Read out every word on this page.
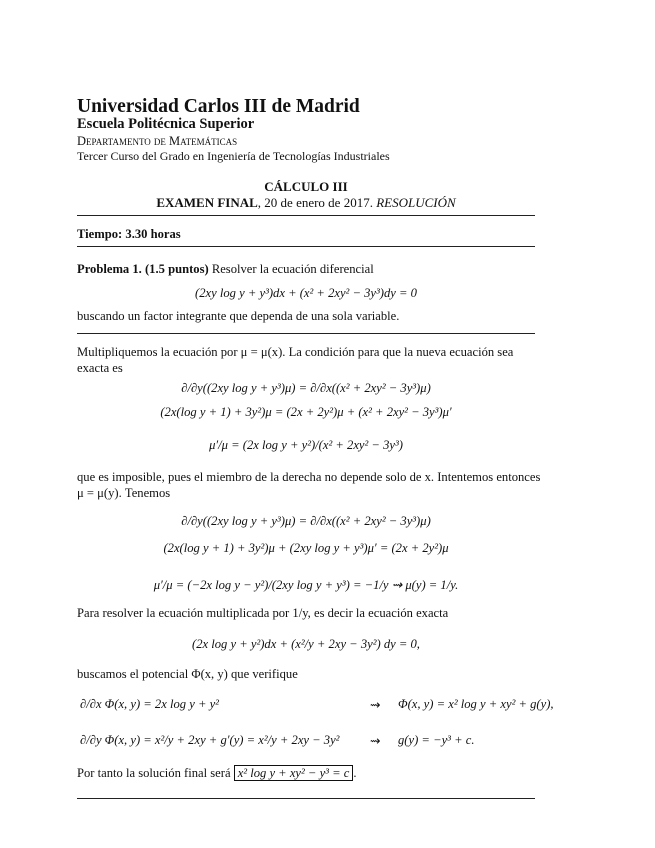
Universidad Carlos III de Madrid
Escuela Politécnica Superior
Departamento de Matemáticas
Tercer Curso del Grado en Ingeniería de Tecnologías Industriales
CÁLCULO III
EXAMEN FINAL, 20 de enero de 2017. RESOLUCIÓN
Tiempo: 3.30 horas
Problema 1. (1.5 puntos) Resolver la ecuación diferencial
(2xy log y + y³)dx + (x² + 2xy² − 3y³)dy = 0
buscando un factor integrante que dependa de una sola variable.
Multipliquemos la ecuación por μ = μ(x). La condición para que la nueva ecuación sea
exacta es
∂/∂y((2xy log y + y³)μ) = ∂/∂x((x² + 2xy² − 3y³)μ)
(2x(log y + 1) + 3y²)μ = (2x + 2y²)μ + (x² + 2xy² − 3y³)μ′
μ′/μ = (2x log y + y²)/(x² + 2xy² − 3y³)
que es imposible, pues el miembro de la derecha no depende solo de x. Intentemos entonces
μ = μ(y). Tenemos
∂/∂y((2xy log y + y³)μ) = ∂/∂x((x² + 2xy² − 3y³)μ)
(2x(log y + 1) + 3y²)μ + (2xy log y + y³)μ′ = (2x + 2y²)μ
μ′/μ = (−2x log y − y²)/(2xy log y + y³) = −1/y ⇝ μ(y) = 1/y.
Para resolver la ecuación multiplicada por 1/y, es decir la ecuación exacta
(2x log y + y²)dx + (x²/y + 2xy − 3y²) dy = 0,
buscamos el potencial Φ(x, y) que verifique
∂/∂x Φ(x, y) = 2x log y + y²	⇝ Φ(x, y) = x² log y + xy² + g(y),
∂/∂y Φ(x, y) = x²/y + 2xy + g′(y) = x²/y + 2xy − 3y² ⇝ g(y) = −y³ + c.
Por tanto la solución final será x² log y + xy² − y³ = c .
